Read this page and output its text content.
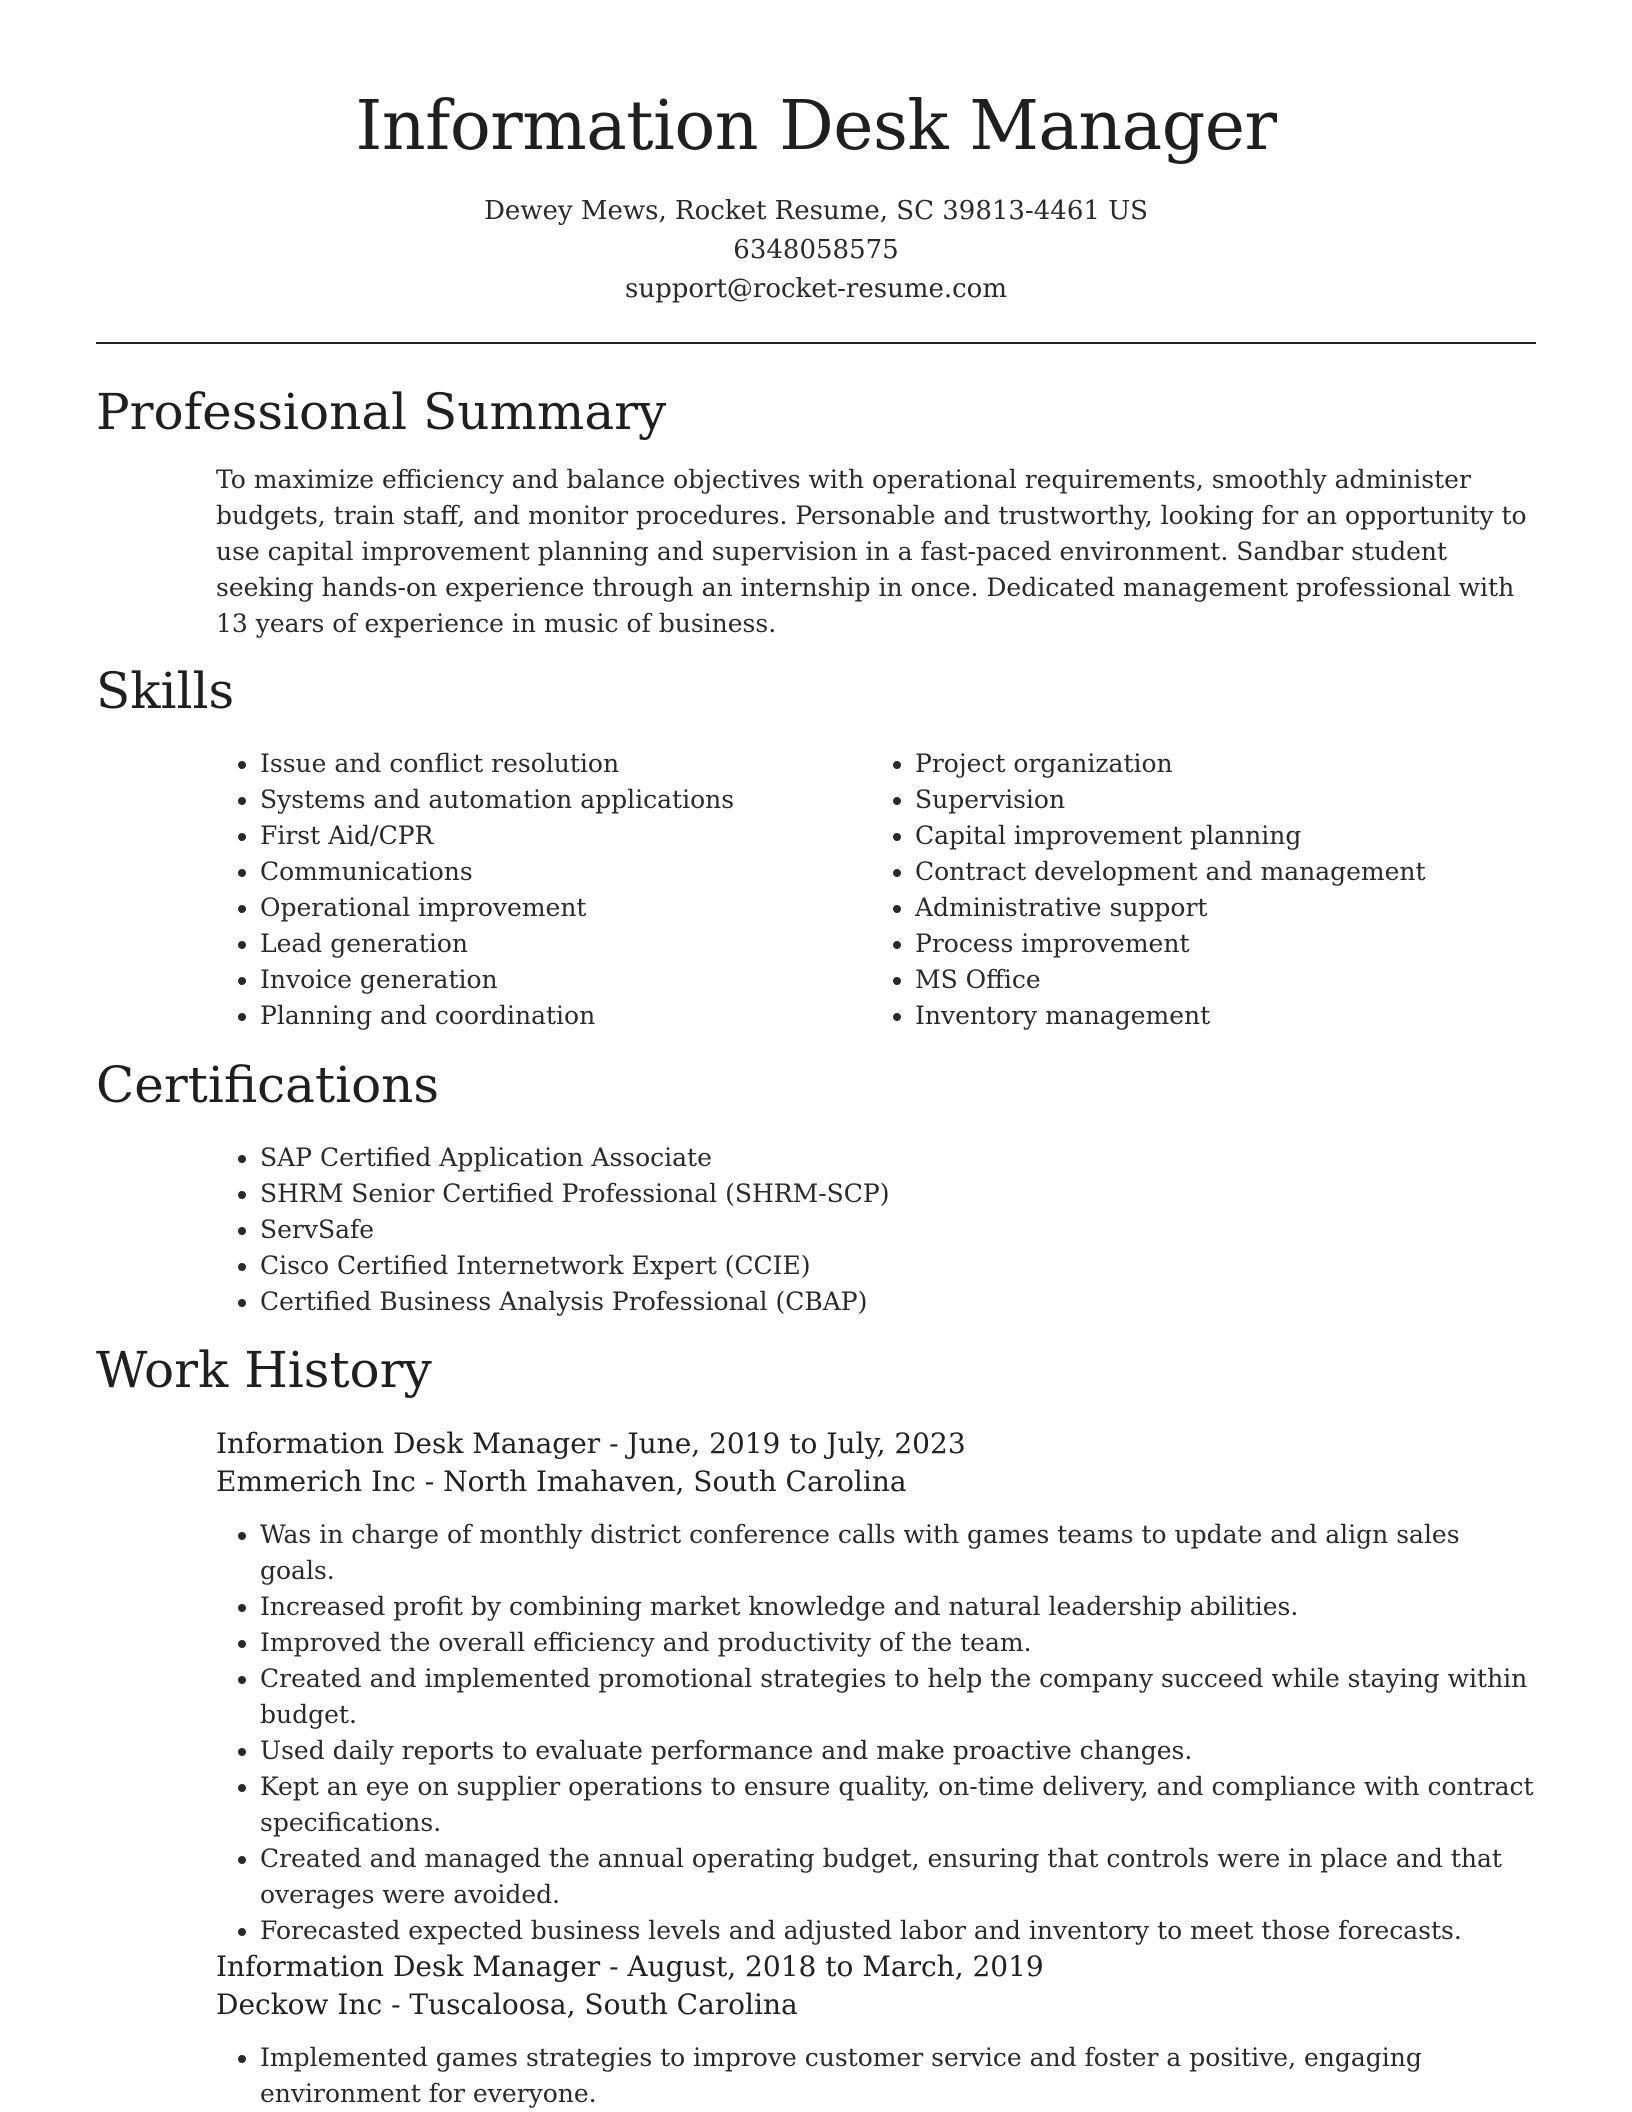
Information Desk Manager
Dewey Mews, Rocket Resume, SC 39813-4461 US
6348058575
support@rocket-resume.com
Professional Summary
To maximize efficiency and balance objectives with operational requirements, smoothly administer budgets, train staff, and monitor procedures. Personable and trustworthy, looking for an opportunity to use capital improvement planning and supervision in a fast-paced environment. Sandbar student seeking hands-on experience through an internship in once. Dedicated management professional with 13 years of experience in music of business.
Skills
• Issue and conflict resolution
• Systems and automation applications
• First Aid/CPR
• Communications
• Operational improvement
• Lead generation
• Invoice generation
• Planning and coordination
• Project organization
• Supervision
• Capital improvement planning
• Contract development and management
• Administrative support
• Process improvement
• MS Office
• Inventory management
Certifications
• SAP Certified Application Associate
• SHRM Senior Certified Professional (SHRM-SCP)
• ServSafe
• Cisco Certified Internetwork Expert (CCIE)
• Certified Business Analysis Professional (CBAP)
Work History
Information Desk Manager - June, 2019 to July, 2023
Emmerich Inc - North Imahaven, South Carolina
• Was in charge of monthly district conference calls with games teams to update and align sales goals.
• Increased profit by combining market knowledge and natural leadership abilities.
• Improved the overall efficiency and productivity of the team.
• Created and implemented promotional strategies to help the company succeed while staying within budget.
• Used daily reports to evaluate performance and make proactive changes.
• Kept an eye on supplier operations to ensure quality, on-time delivery, and compliance with contract specifications.
• Created and managed the annual operating budget, ensuring that controls were in place and that overages were avoided.
• Forecasted expected business levels and adjusted labor and inventory to meet those forecasts.
Information Desk Manager - August, 2018 to March, 2019
Deckow Inc - Tuscaloosa, South Carolina
• Implemented games strategies to improve customer service and foster a positive, engaging environment for everyone.
